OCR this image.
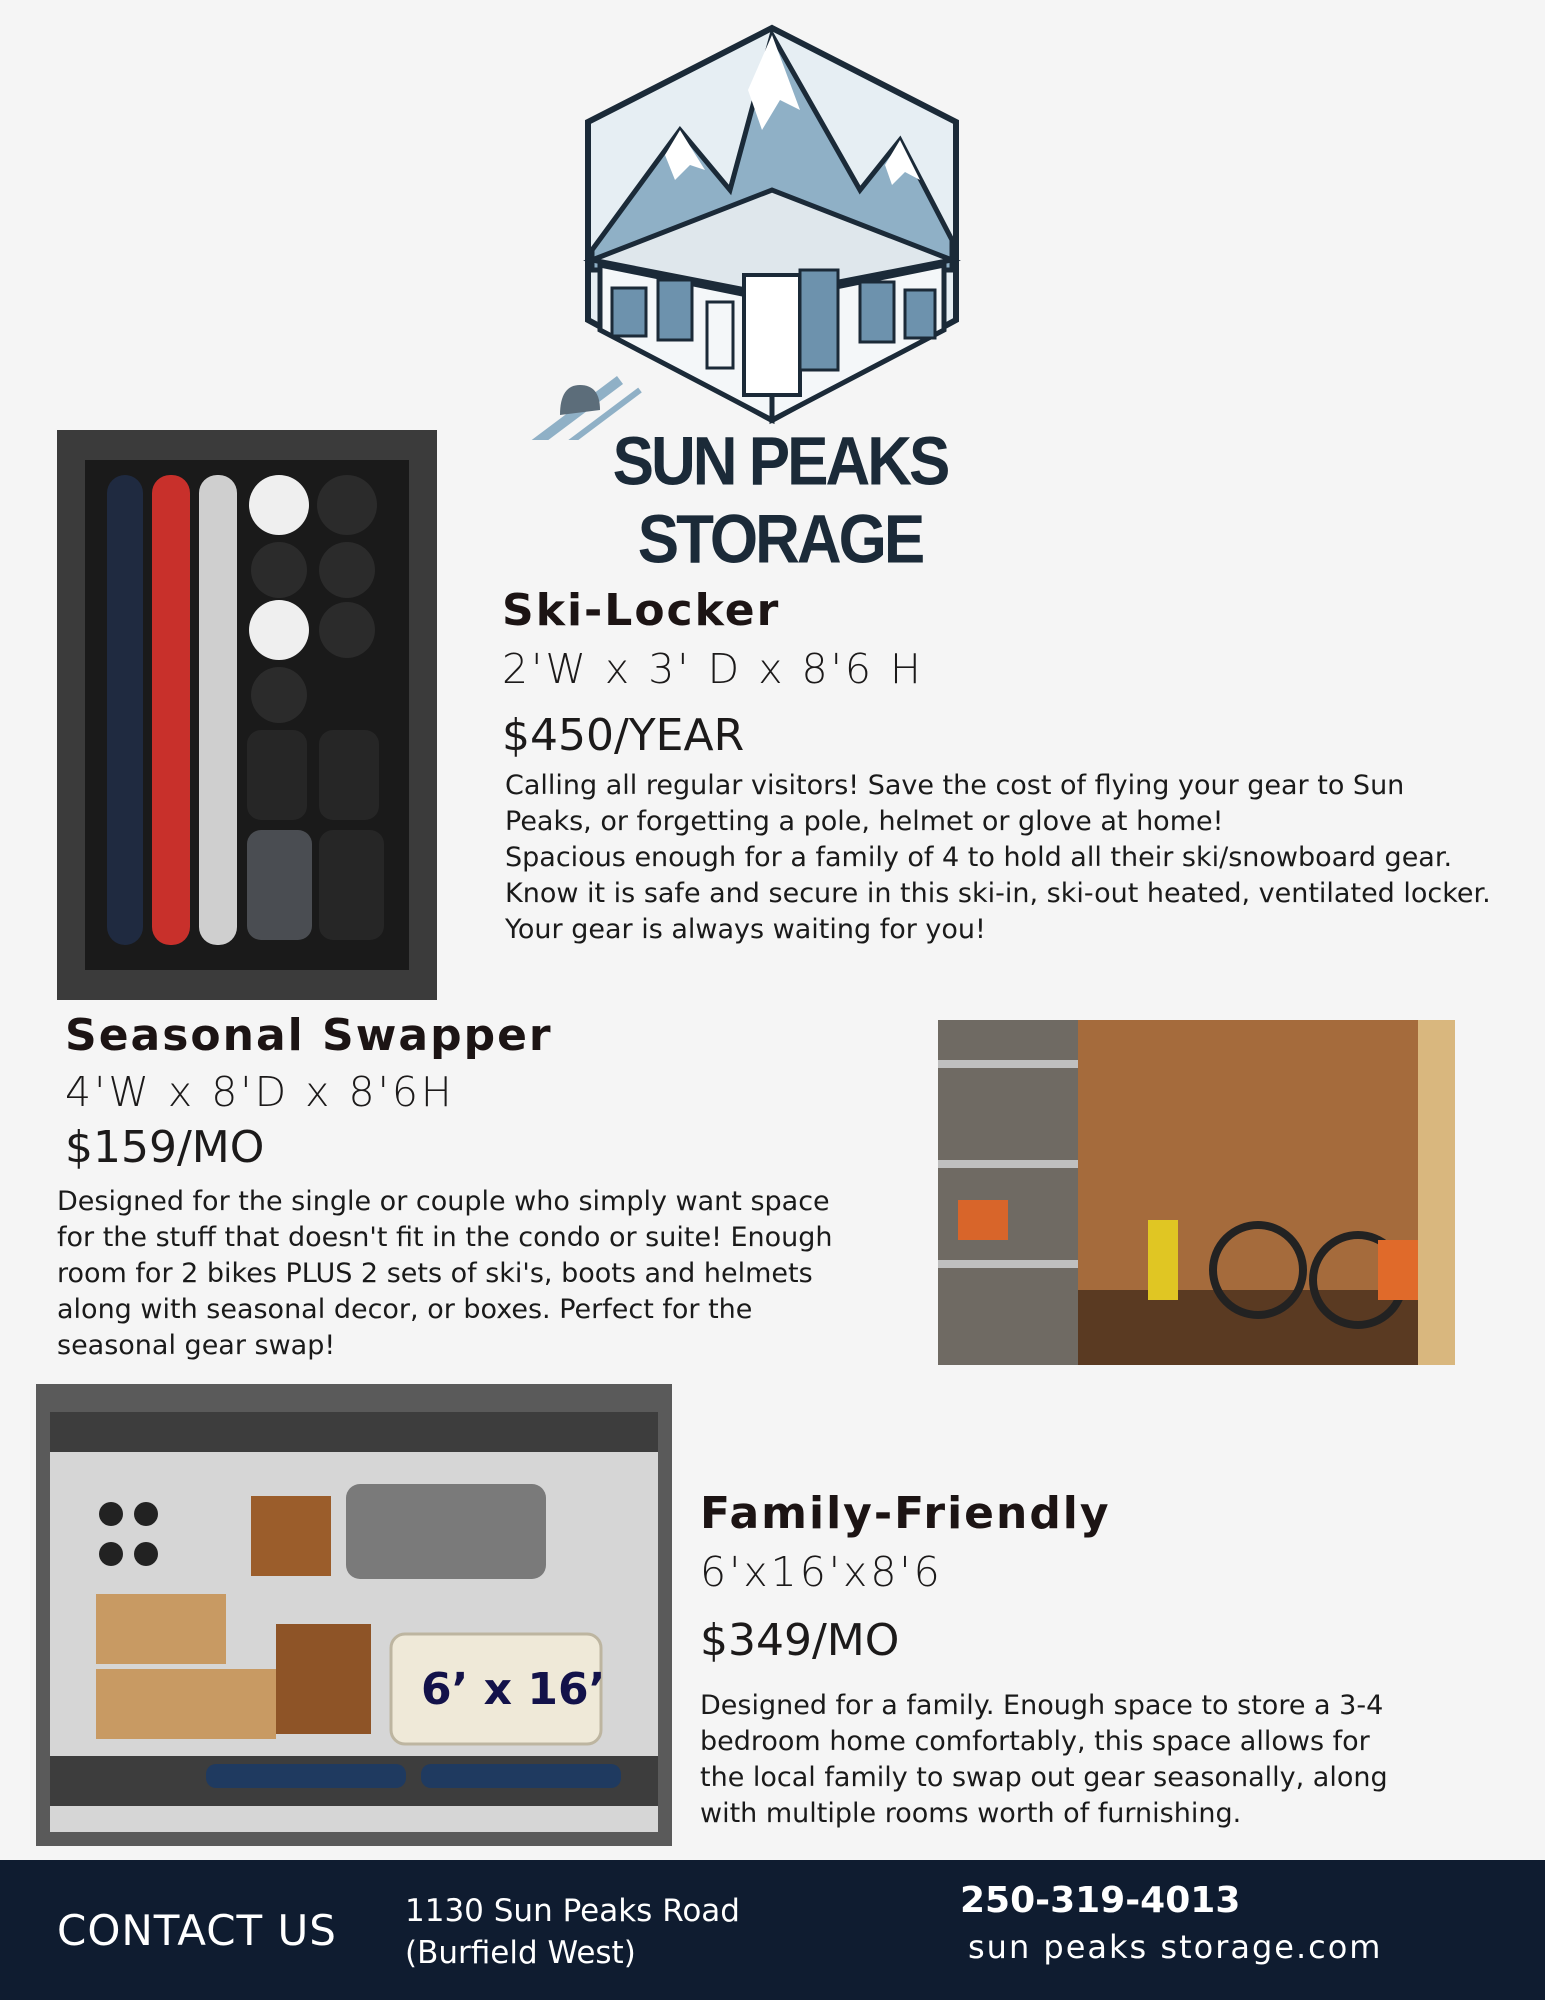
SUN PEAKS STORAGE
Ski-Locker
2'W x 3' D x 8'6 H
$450/YEAR

Calling all regular visitors! Save the cost of flying your gear to Sun Peaks, or forgetting a pole, helmet or glove at home!

Spacious enough for a family of 4 to hold all their ski/snowboard gear. Know it is safe and secure in this ski-in, ski-out heated, ventilated locker. Your gear is always waiting for you!

Seasonal Swapper
4'W x 8'D x 8'6H
$159/MO

Designed for the single or couple who simply want space for the stuff that doesn't fit in the condo or suite! Enough room for 2 bikes PLUS 2 sets of ski's, boots and helmets along with seasonal decor, or boxes. Perfect for the seasonal gear swap!

6’ x 16’
Family-Friendly
6'x16'x8'6
$349/MO

Designed for a family. Enough space to store a 3-4 bedroom home comfortably, this space allows for the local family to swap out gear seasonally, along with multiple rooms worth of furnishing.

CONTACT US 1130 Sun Peaks Road
(Burfield West)
250-319-4013
sun peaks storage.com
